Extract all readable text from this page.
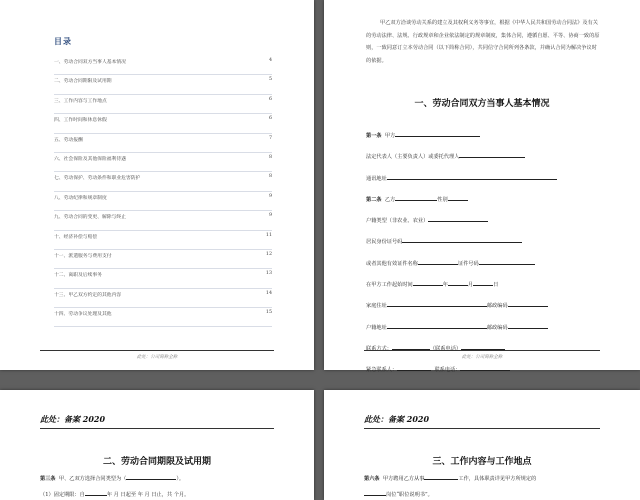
目录
一、劳动合同双方当事人基本情况	4
二、劳动合同期限及试用期	5
三、工作内容与工作地点	6
四、工作时间和休息休假	6
五、劳动报酬	7
六、社会保险及其他保险福利待遇	8
七、劳动保护、劳动条件和职业危害防护	8
八、劳动纪律和规章制度	9
九、劳动合同的变更、解除与终止	9
十、经济补偿与赔偿	11
十一、派遣服务与费用支付	12
十二、离职及后续事务	13
十三、甲乙双方约定的其他内容	14
十四、劳动争议处理及其他	15
此处：公司简称全称
甲乙双方洽谈劳动关系的建立及其权利义务等事宜，根据《中华人民共和国劳动合同法》及有关的劳动法律、法规、行政规章和企业依法制定的规章制度，集体合同，遵循自愿、平等、协商一致的原则，一致同意订立本劳动合同（以下简称合同），共同信守合同所列各条款，并确认合同为解决争议时的依据。
一、劳动合同双方当事人基本情况
第一条 甲方
法定代表人（主要负责人）或委托代理人
通讯地址
第二条 乙方	性别
户籍类型（非农业、农业）
居民身份证号码
或者其他有效证件名称	证件号码
在甲方工作起始时间	年	月	日
家庭住址	邮政编码
户籍地址	邮政编码
联系方式：	（联系电话）
紧急联系人：	联系电话：
此处：公司简称全称
此处：备案 2020
二、劳动合同期限及试用期
第三条 甲、乙双方选择合同类型为（	）。
（1）固定期限：自	年 月 日起至 年 月 日止，共 个月。
此处：备案 2020
三、工作内容与工作地点
第六条 甲方聘用乙方从事	工作，具体职责详见甲方所规定的
岗位“职位说明书”。
